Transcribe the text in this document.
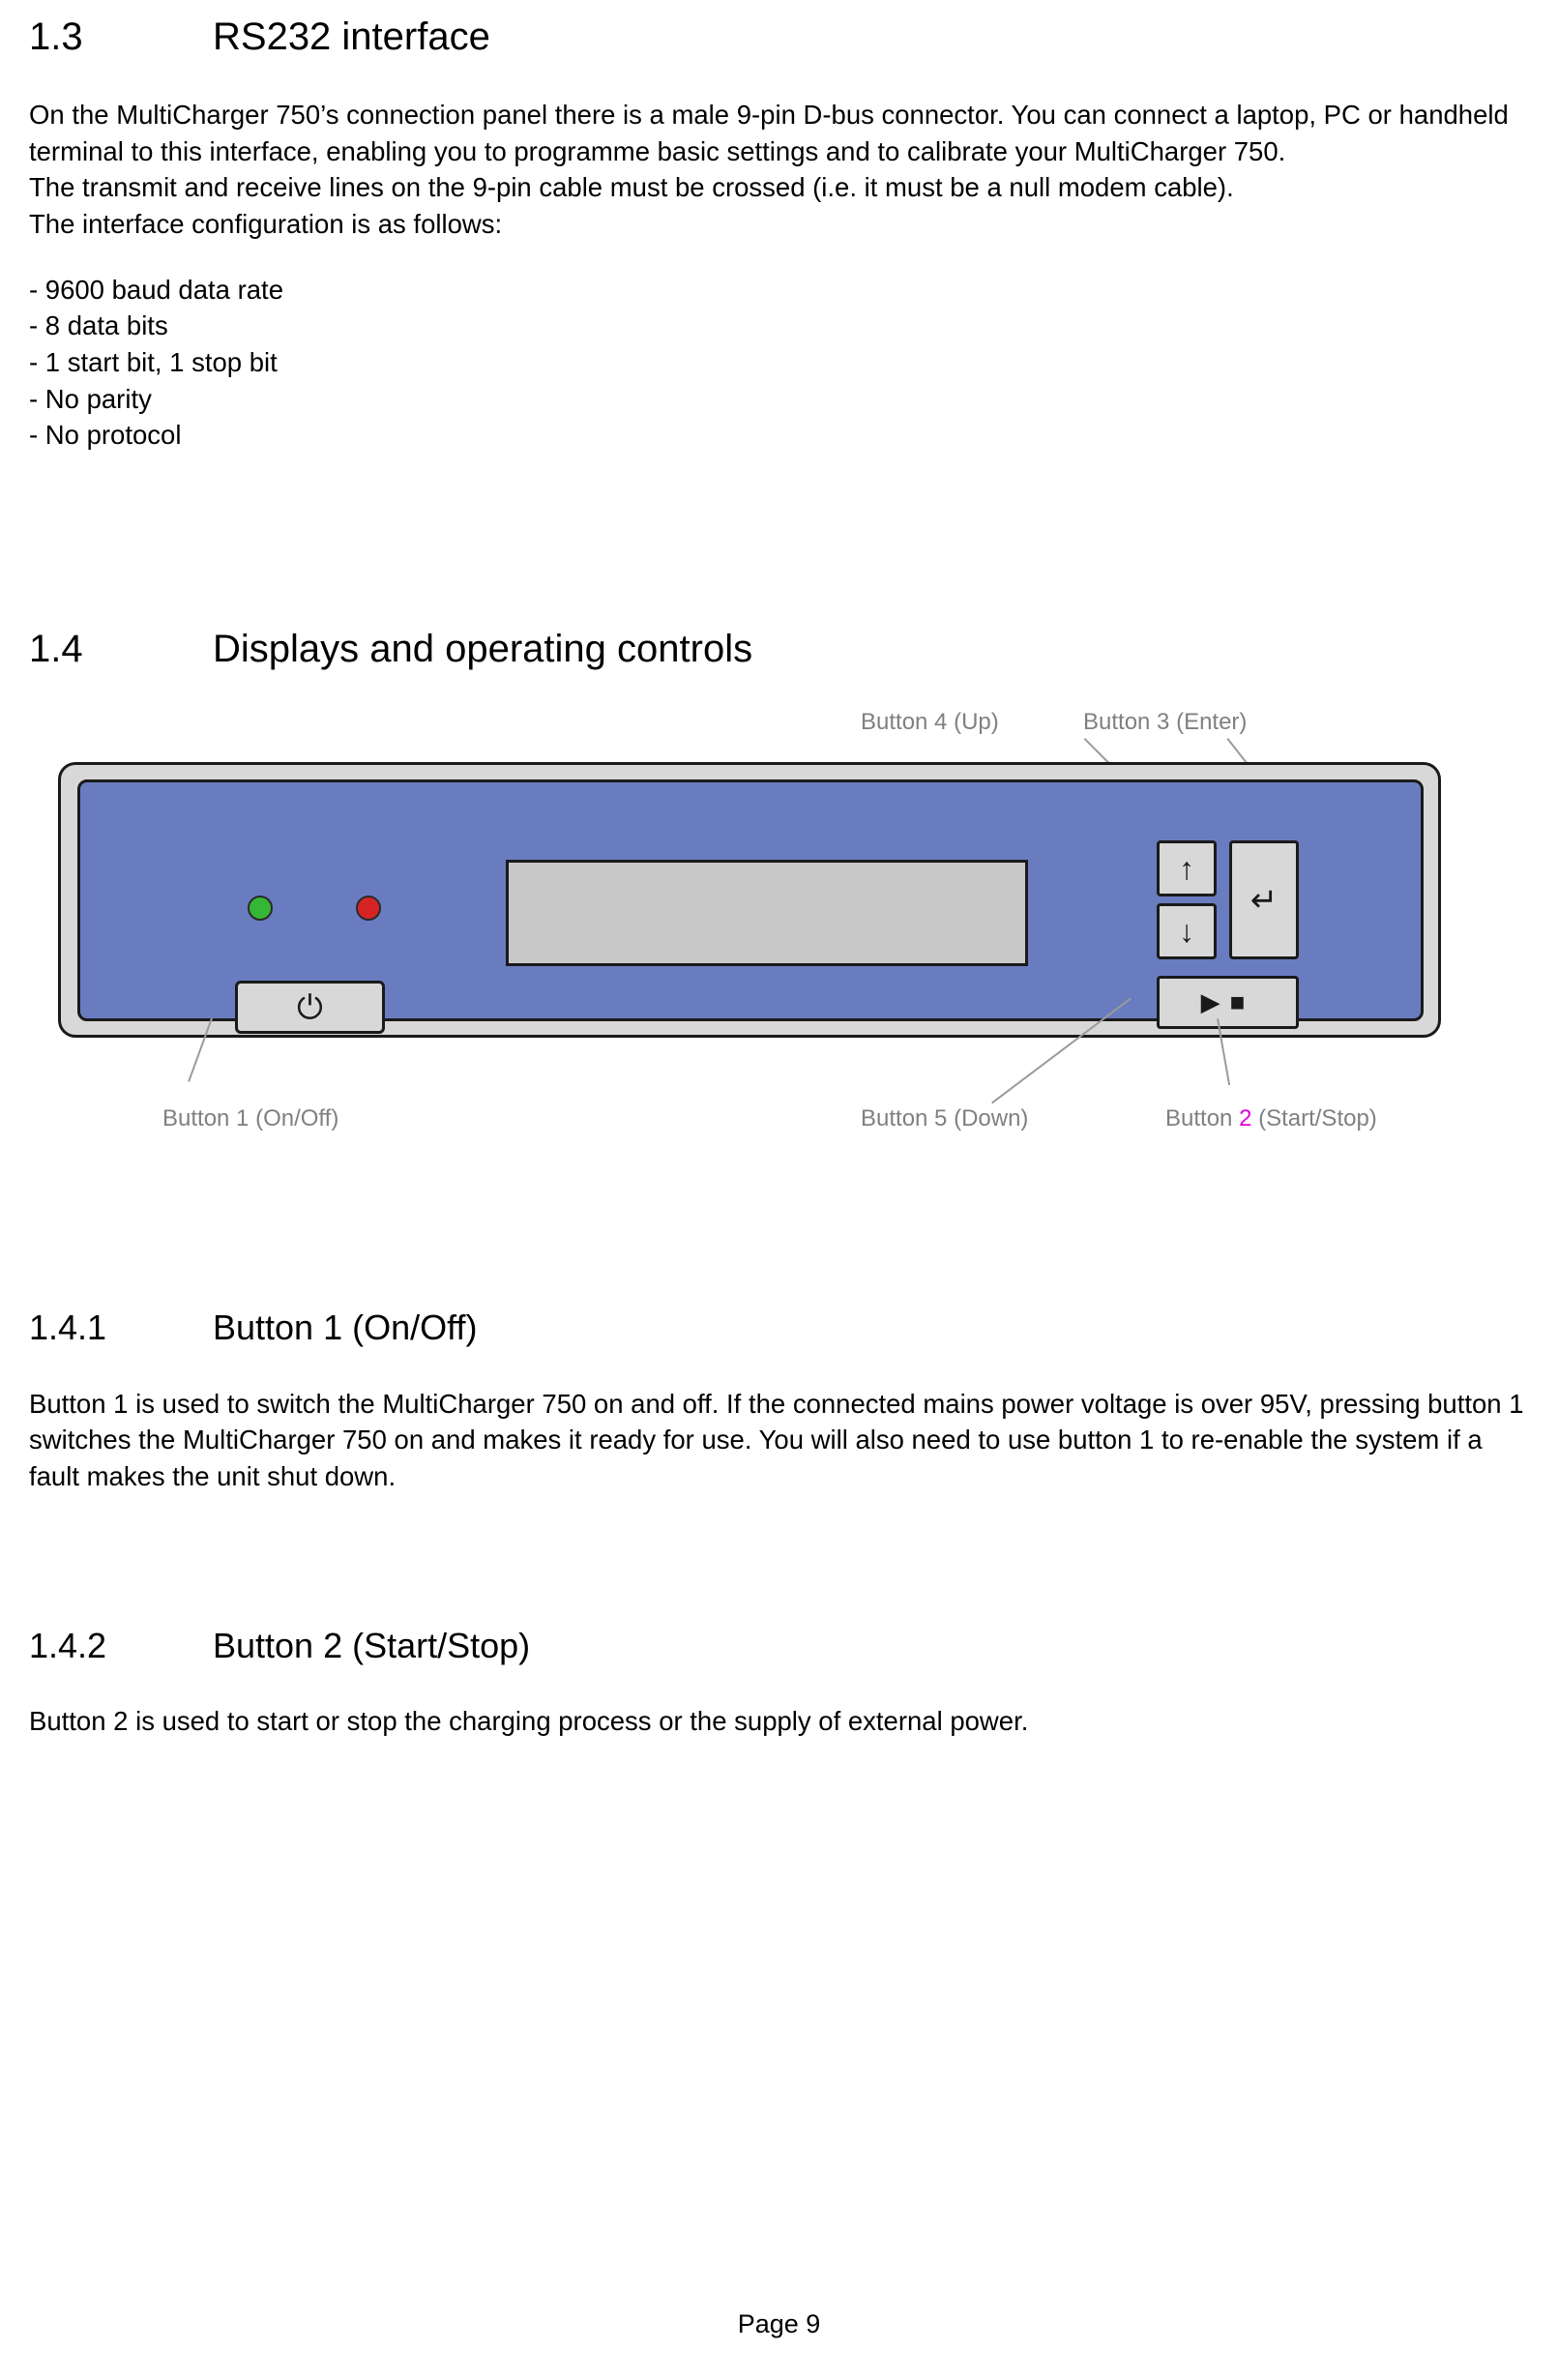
1.3	RS232 interface

On the MultiCharger 750’s connection panel there is a male 9-pin D-bus connector. You can connect a laptop, PC or handheld terminal to this interface, enabling you to programme basic settings and to calibrate your MultiCharger 750.

The transmit and receive lines on the 9-pin cable must be crossed (i.e. it must be a null modem cable).

The interface configuration is as follows:

- 9600 baud data rate
- 8 data bits
- 1 start bit, 1 stop bit
- No parity
- No protocol
1.4	Displays and operating controls
Button 4 (Up)	Button 3 (Enter)
⏻
↑
↓
↵
▶ ■
Button 1 (On/Off)	Button 5 (Down)	Button 2 (Start/Stop)
1.4.1	Button 1 (On/Off)

Button 1 is used to switch the MultiCharger 750 on and off. If the connected mains power voltage is over 95V, pressing button 1 switches the MultiCharger 750 on and makes it ready for use. You will also need to use button 1 to re-enable the system if a fault makes the unit shut down.

1.4.2	Button 2 (Start/Stop)

Button 2 is used to start or stop the charging process or the supply of external power.

Page 9
